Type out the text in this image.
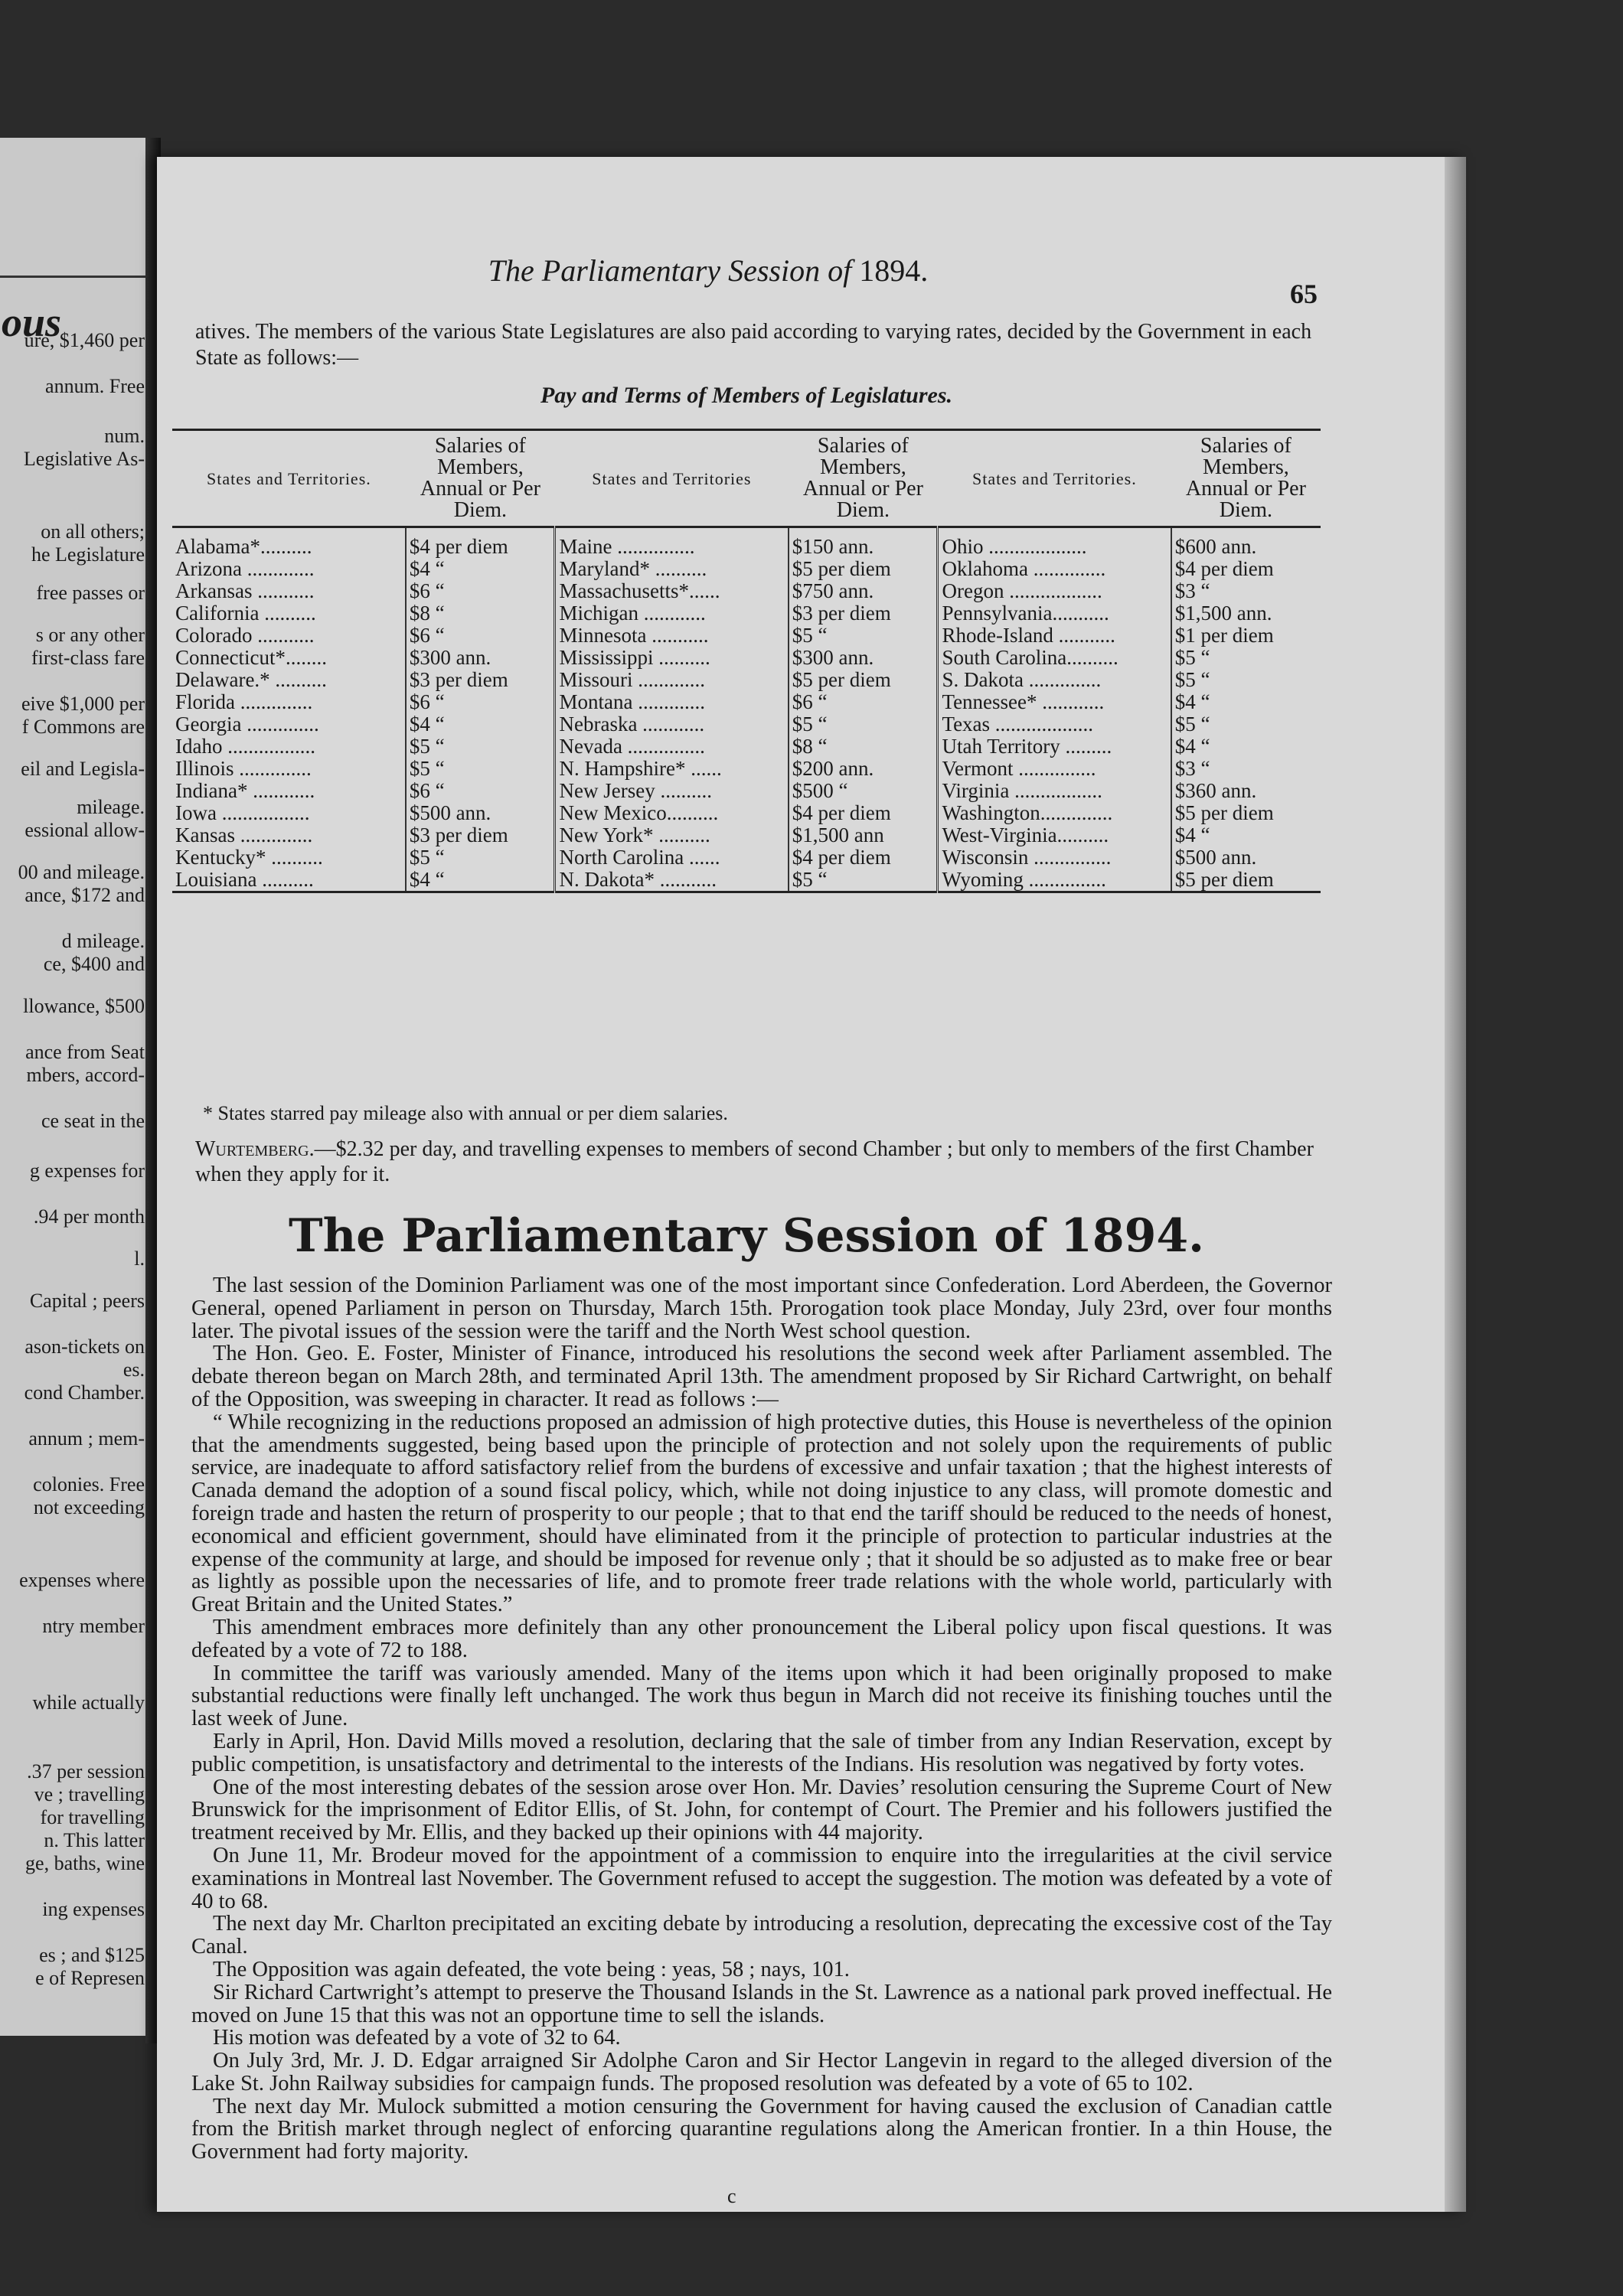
ous
ure, $1,460 per
annum. Free
num.
Legislative As-
on all others;
he Legislature
free passes or
s or any other
first-class fare
eive $1,000 per
f Commons are
eil and Legisla-
mileage.
essional allow-
00 and mileage.
ance, $172 and
d mileage.
ce, $400 and
llowance, $500
ance from Seat
mbers, accord-
ce seat in the
g expenses for
.94 per month
l.
Capital ; peers
ason-tickets on
es.
cond Chamber.
annum ; mem-
colonies. Free
not exceeding
expenses where
ntry member
while actually
.37 per session
ve ; travelling
for travelling
n. This latter
ge, baths, wine
ing expenses
es ; and $125
e of Represen
The Parliamentary Session of 1894.
65
atives. The members of the various State Legislatures are also paid according to varying rates, decided by the Government in each State as follows:—
Pay and Terms of Members of Legislatures.
States and Territories.	Salaries of Members, Annual or Per Diem.	States and Territories	Salaries of Members, Annual or Per Diem.	States and Territories.	Salaries of Members, Annual or Per Diem.
Alabama*..........	$4 per diem	Maine ...............	$150 ann.	Ohio ...................	$600 ann.
Arizona .............	$4 “	Maryland* ..........	$5 per diem	Oklahoma ..............	$4 per diem
Arkansas ...........	$6 “	Massachusetts*......	$750 ann.	Oregon ..................	$3 “
California ..........	$8 “	Michigan ............	$3 per diem	Pennsylvania...........	$1,500 ann.
Colorado ...........	$6 “	Minnesota ...........	$5 “	Rhode-Island ...........	$1 per diem
Connecticut*........	$300 ann.	Mississippi ..........	$300 ann.	South Carolina..........	$5 “
Delaware.* ..........	$3 per diem	Missouri .............	$5 per diem	S. Dakota ..............	$5 “
Florida ..............	$6 “	Montana .............	$6 “	Tennessee* ............	$4 “
Georgia ..............	$4 “	Nebraska ............	$5 “	Texas ...................	$5 “
Idaho .................	$5 “	Nevada ...............	$8 “	Utah Territory .........	$4 “
Illinois ..............	$5 “	N. Hampshire* ......	$200 ann.	Vermont ...............	$3 “
Indiana* ............	$6 “	New Jersey ..........	$500 “	Virginia .................	$360 ann.
Iowa .................	$500 ann.	New Mexico..........	$4 per diem	Washington..............	$5 per diem
Kansas ..............	$3 per diem	New York* ..........	$1,500 ann	West-Virginia..........	$4 “
Kentucky* ..........	$5 “	North Carolina ......	$4 per diem	Wisconsin ...............	$500 ann.
Louisiana ..........	$4 “	N. Dakota* ...........	$5 “	Wyoming ...............	$5 per diem
* States starred pay mileage also with annual or per diem salaries.
Wurtemberg.—$2.32 per day, and travelling expenses to members of second Chamber ; but only to members of the first Chamber when they apply for it.
The Parliamentary Session of 1894.

The last session of the Dominion Parliament was one of the most important since Confederation. Lord Aberdeen, the Governor General, opened Parliament in person on Thursday, March 15th. Prorogation took place Monday, July 23rd, over four months later. The pivotal issues of the session were the tariff and the North West school question.

The Hon. Geo. E. Foster, Minister of Finance, introduced his resolutions the second week after Parliament assembled. The debate thereon began on March 28th, and terminated April 13th. The amendment proposed by Sir Richard Cartwright, on behalf of the Opposition, was sweeping in character. It read as follows :—

“ While recognizing in the reductions proposed an admission of high protective duties, this House is nevertheless of the opinion that the amendments suggested, being based upon the principle of protection and not solely upon the requirements of public service, are inadequate to afford satisfactory relief from the burdens of excessive and unfair taxation ; that the highest interests of Canada demand the adoption of a sound fiscal policy, which, while not doing injustice to any class, will promote domestic and foreign trade and hasten the return of prosperity to our people ; that to that end the tariff should be reduced to the needs of honest, economical and efficient government, should have eliminated from it the principle of protection to particular industries at the expense of the community at large, and should be imposed for revenue only ; that it should be so adjusted as to make free or bear as lightly as possible upon the necessaries of life, and to promote freer trade relations with the whole world, particularly with Great Britain and the United States.”

This amendment embraces more definitely than any other pronouncement the Liberal policy upon fiscal questions. It was defeated by a vote of 72 to 188.

In committee the tariff was variously amended. Many of the items upon which it had been originally proposed to make substantial reductions were finally left unchanged. The work thus begun in March did not receive its finishing touches until the last week of June.

Early in April, Hon. David Mills moved a resolution, declaring that the sale of timber from any Indian Reservation, except by public competition, is unsatisfactory and detrimental to the interests of the Indians. His resolution was negatived by forty votes.

One of the most interesting debates of the session arose over Hon. Mr. Davies’ resolution censuring the Supreme Court of New Brunswick for the imprisonment of Editor Ellis, of St. John, for contempt of Court. The Premier and his followers justified the treatment received by Mr. Ellis, and they backed up their opinions with 44 majority.

On June 11, Mr. Brodeur moved for the appointment of a commission to enquire into the irregularities at the civil service examinations in Montreal last November. The Government refused to accept the suggestion. The motion was defeated by a vote of 40 to 68.

The next day Mr. Charlton precipitated an exciting debate by introducing a resolution, deprecating the excessive cost of the Tay Canal.

The Opposition was again defeated, the vote being : yeas, 58 ; nays, 101.

Sir Richard Cartwright’s attempt to preserve the Thousand Islands in the St. Lawrence as a national park proved ineffectual. He moved on June 15 that this was not an opportune time to sell the islands.

His motion was defeated by a vote of 32 to 64.

On July 3rd, Mr. J. D. Edgar arraigned Sir Adolphe Caron and Sir Hector Langevin in regard to the alleged diversion of the Lake St. John Railway subsidies for campaign funds. The proposed resolution was defeated by a vote of 65 to 102.

The next day Mr. Mulock submitted a motion censuring the Government for having caused the exclusion of Canadian cattle from the British market through neglect of enforcing quarantine regulations along the American frontier. In a thin House, the Government had forty majority.

c
